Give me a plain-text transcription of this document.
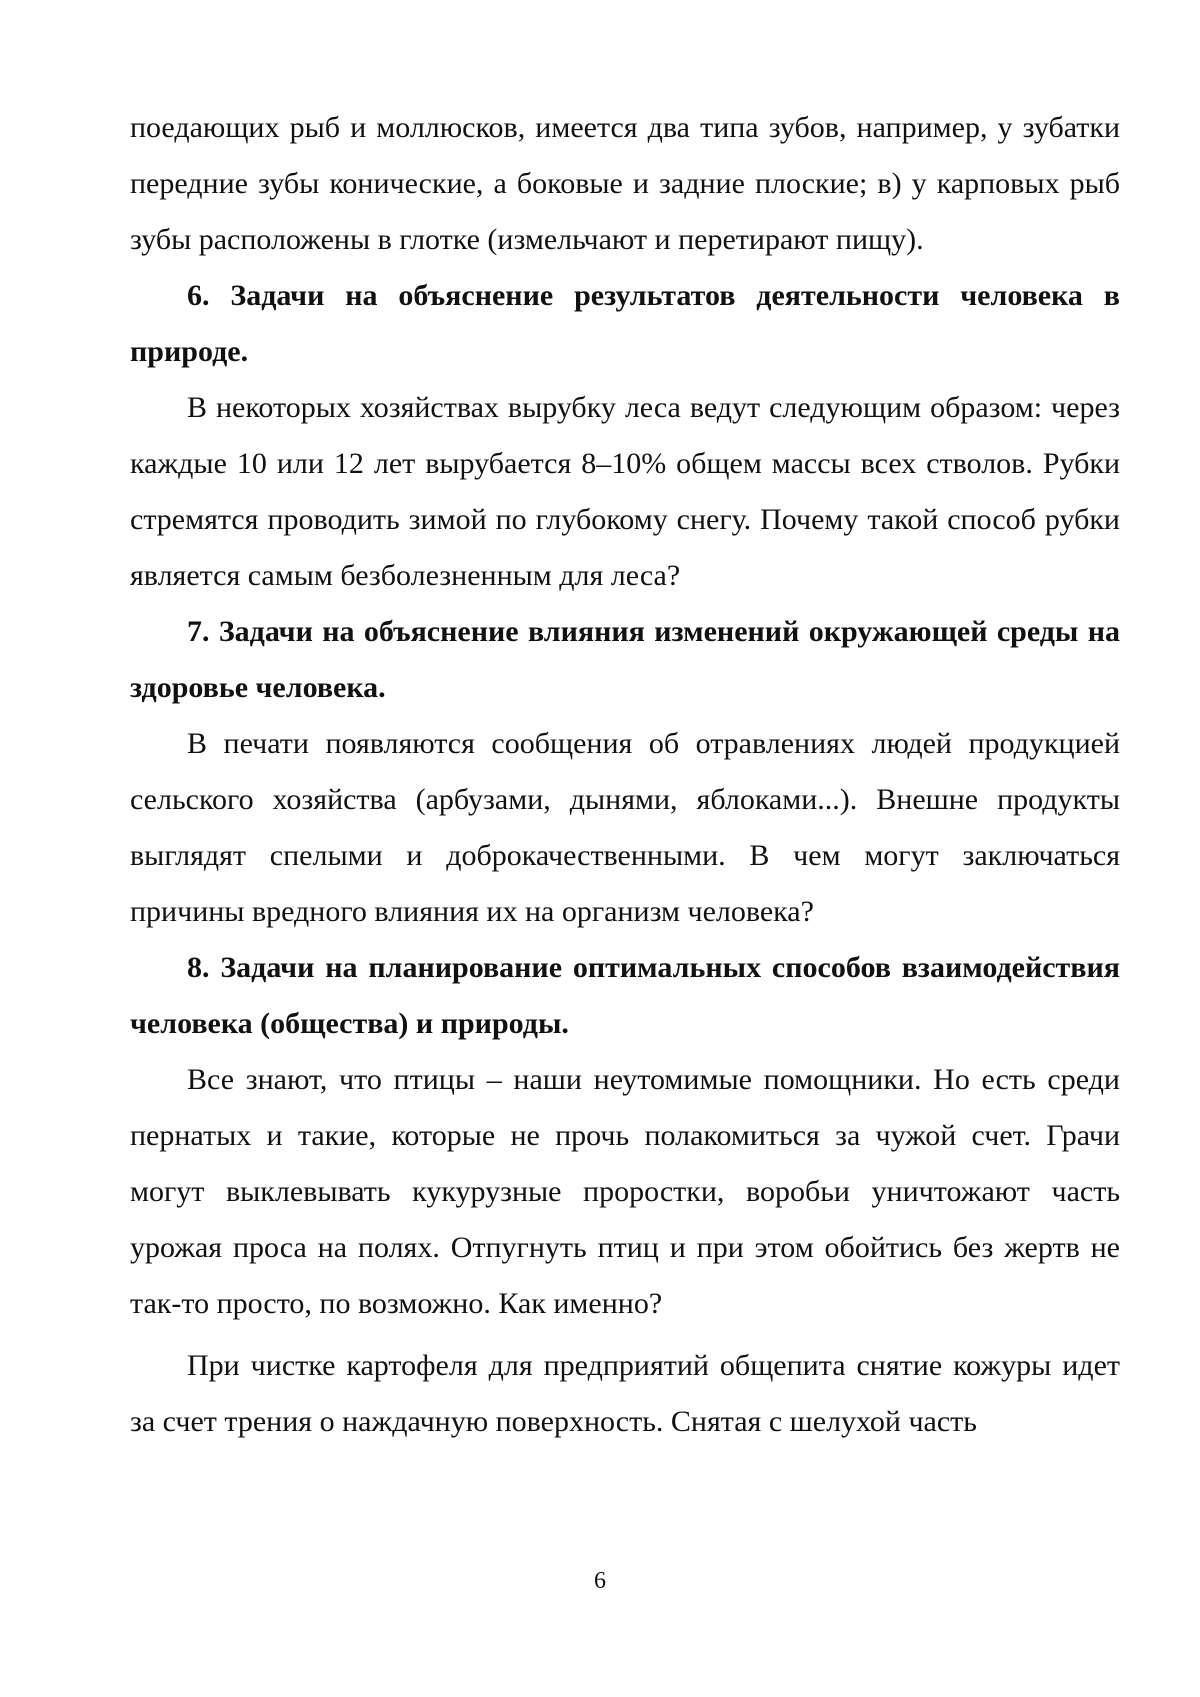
поедающих рыб и моллюсков, имеется два типа зубов, например, у зубатки передние зубы конические, а боковые и задние плоские; в) у карповых рыб зубы расположены в глотке (измельчают и перетирают пищу).

6. Задачи на объяснение результатов деятельности человека в природе.

В некоторых хозяйствах вырубку леса ведут следующим образом: через каждые 10 или 12 лет вырубается 8–10% общем массы всех стволов. Рубки стремятся проводить зимой по глубокому снегу. Почему такой способ рубки является самым безболезненным для леса?

7. Задачи на объяснение влияния изменений окружающей среды на здоровье человека.

В печати появляются сообщения об отравлениях людей продукцией сельского хозяйства (арбузами, дынями, яблоками...). Внешне продукты выглядят спелыми и доброкачественными. В чем могут заключаться причины вредного влияния их на организм человека?

8. Задачи на планирование оптимальных способов взаимодействия человека (общества) и природы.

Все знают, что птицы – наши неутомимые помощники. Но есть среди пернатых и такие, которые не прочь полакомиться за чужой счет. Грачи могут выклевывать кукурузные проростки, воробьи уничтожают часть урожая проса на полях. Отпугнуть птиц и при этом обойтись без жертв не так-то просто, по возможно. Как именно?

При чистке картофеля для предприятий общепита снятие кожуры идет за счет трения о наждачную поверхность. Снятая с шелухой часть

6
